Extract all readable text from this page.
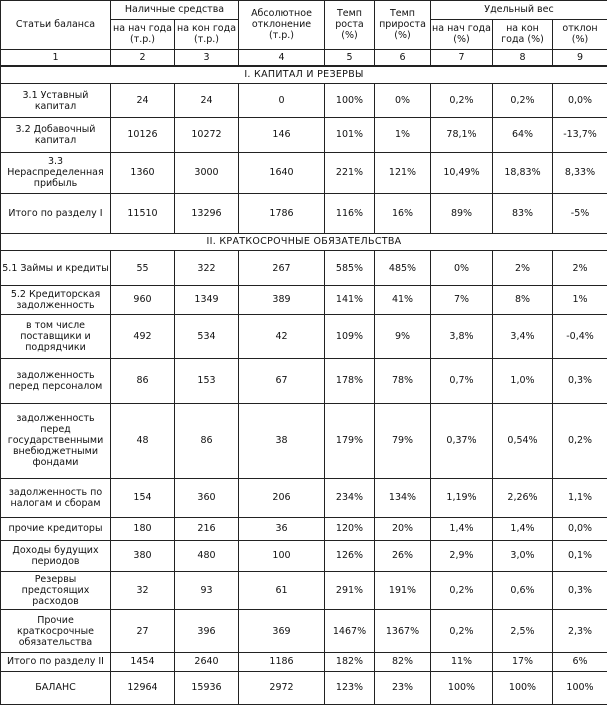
Статьи баланса	Наличные средства		Абсолютное отклонение (т.р.)	Темп роста (%)	Темп прироста (%)	Удельный вес		
	на нач года (т.р.)	на кон года (т.р.)				на нач года (%)	на кон года (%)	отклон (%)
1	2	3	4	5	6	7	8	9
I. КАПИТАЛ И РЕЗЕРВЫ								
3.1 Уставный капитал	24	24	0	100%	0%	0,2%	0,2%	0,0%
3.2 Добавочный капитал	10126	10272	146	101%	1%	78,1%	64%	-13,7%
3.3 Нераспределенная прибыль	1360	3000	1640	221%	121%	10,49%	18,83%	8,33%
Итого по разделу I	11510	13296	1786	116%	16%	89%	83%	-5%
II. КРАТКОСРОЧНЫЕ ОБЯЗАТЕЛЬСТВА								
5.1 Займы и кредиты	55	322	267	585%	485%	0%	2%	2%
5.2 Кредиторская задолженность	960	1349	389	141%	41%	7%	8%	1%
в том числе поставщики и подрядчики	492	534	42	109%	9%	3,8%	3,4%	-0,4%
задолженность перед персоналом	86	153	67	178%	78%	0,7%	1,0%	0,3%
задолженность перед государственными внебюджетными фондами	48	86	38	179%	79%	0,37%	0,54%	0,2%
задолженность по налогам и сборам	154	360	206	234%	134%	1,19%	2,26%	1,1%
прочие кредиторы	180	216	36	120%	20%	1,4%	1,4%	0,0%
Доходы будущих периодов	380	480	100	126%	26%	2,9%	3,0%	0,1%
Резервы предстоящих расходов	32	93	61	291%	191%	0,2%	0,6%	0,3%
Прочие краткосрочные обязательства	27	396	369	1467%	1367%	0,2%	2,5%	2,3%
Итого по разделу II	1454	2640	1186	182%	82%	11%	17%	6%
БАЛАНС	12964	15936	2972	123%	23%	100%	100%	100%
